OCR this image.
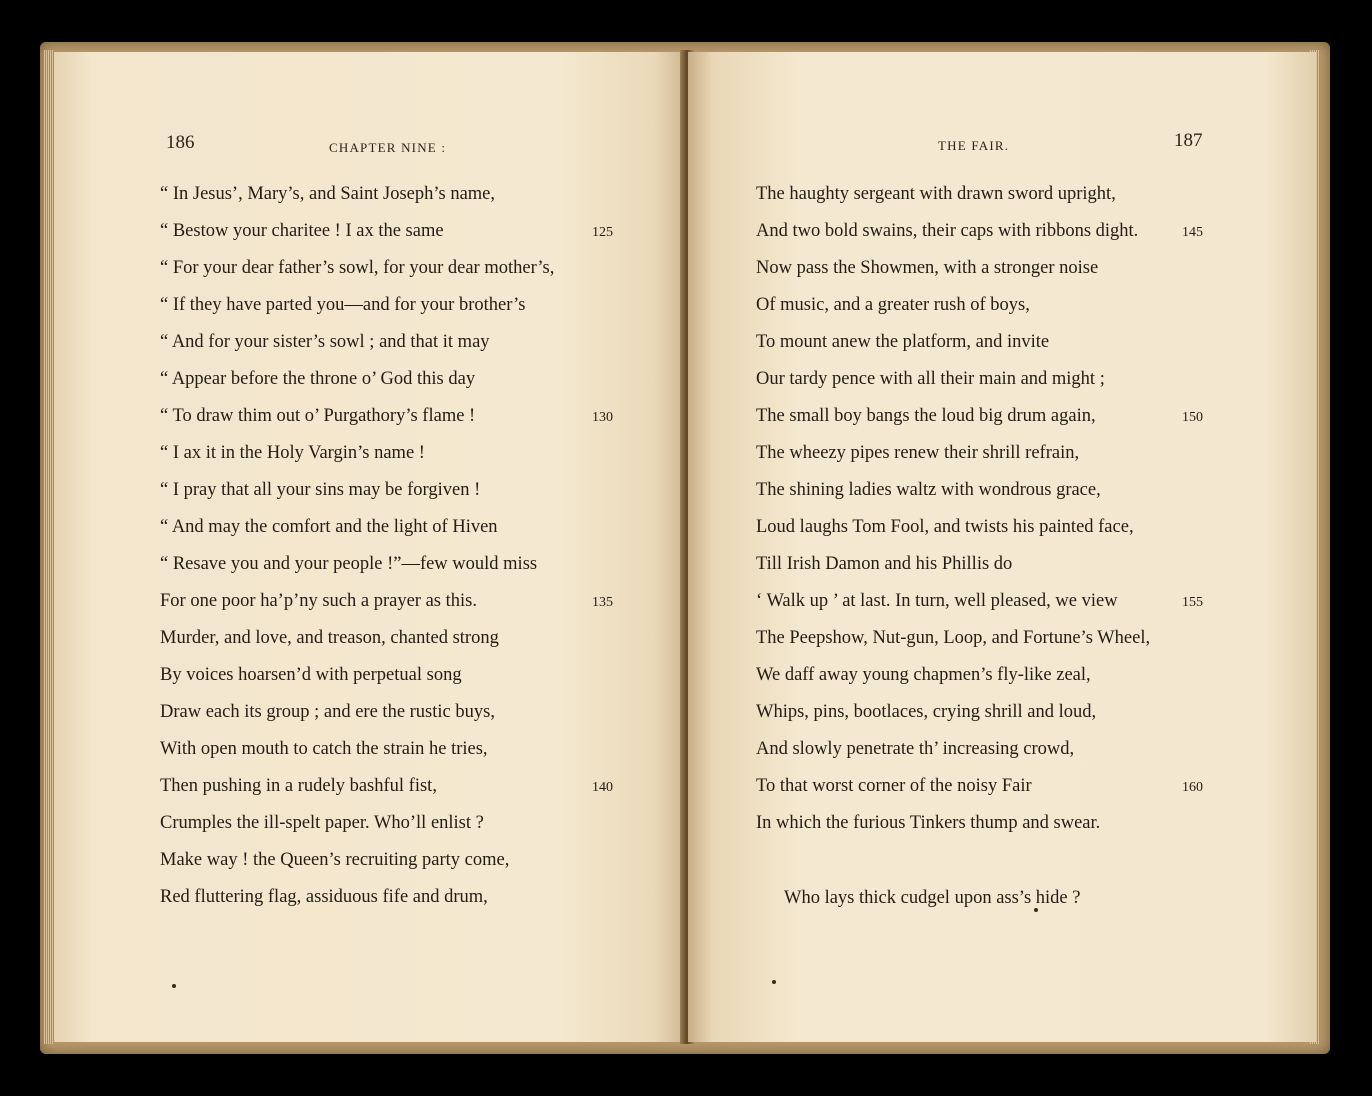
186	CHAPTER NINE :
“ In Jesus’, Mary’s, and Saint Joseph’s name,
“ Bestow your charitee ! I ax the same	125
“ For your dear father’s sowl, for your dear mother’s,
“ If they have parted you—and for your brother’s
“ And for your sister’s sowl ; and that it may
“ Appear before the throne o’ God this day
“ To draw thim out o’ Purgathory’s flame !	130
“ I ax it in the Holy Vargin’s name !
“ I pray that all your sins may be forgiven !
“ And may the comfort and the light of Hiven
“ Resave you and your people !”—few would miss
For one poor ha’p’ny such a prayer as this.	135
Murder, and love, and treason, chanted strong
By voices hoarsen’d with perpetual song
Draw each its group ; and ere the rustic buys,
With open mouth to catch the strain he tries,
Then pushing in a rudely bashful fist,	140
Crumples the ill-spelt paper. Who’ll enlist ?
Make way ! the Queen’s recruiting party come,
Red fluttering flag, assiduous fife and drum,
187
THE FAIR.
The haughty sergeant with drawn sword upright,
And two bold swains, their caps with ribbons dight.	145
Now pass the Showmen, with a stronger noise
Of music, and a greater rush of boys,
To mount anew the platform, and invite
Our tardy pence with all their main and might ;
The small boy bangs the loud big drum again,	150
The wheezy pipes renew their shrill refrain,
The shining ladies waltz with wondrous grace,
Loud laughs Tom Fool, and twists his painted face,
Till Irish Damon and his Phillis do
‘ Walk up ’ at last. In turn, well pleased, we view	155
The Peepshow, Nut-gun, Loop, and Fortune’s Wheel,
We daff away young chapmen’s fly-like zeal,
Whips, pins, bootlaces, crying shrill and loud,
And slowly penetrate th’ increasing crowd,
To that worst corner of the noisy Fair	160
In which the furious Tinkers thump and swear.
Who lays thick cudgel upon ass’s hide ?
